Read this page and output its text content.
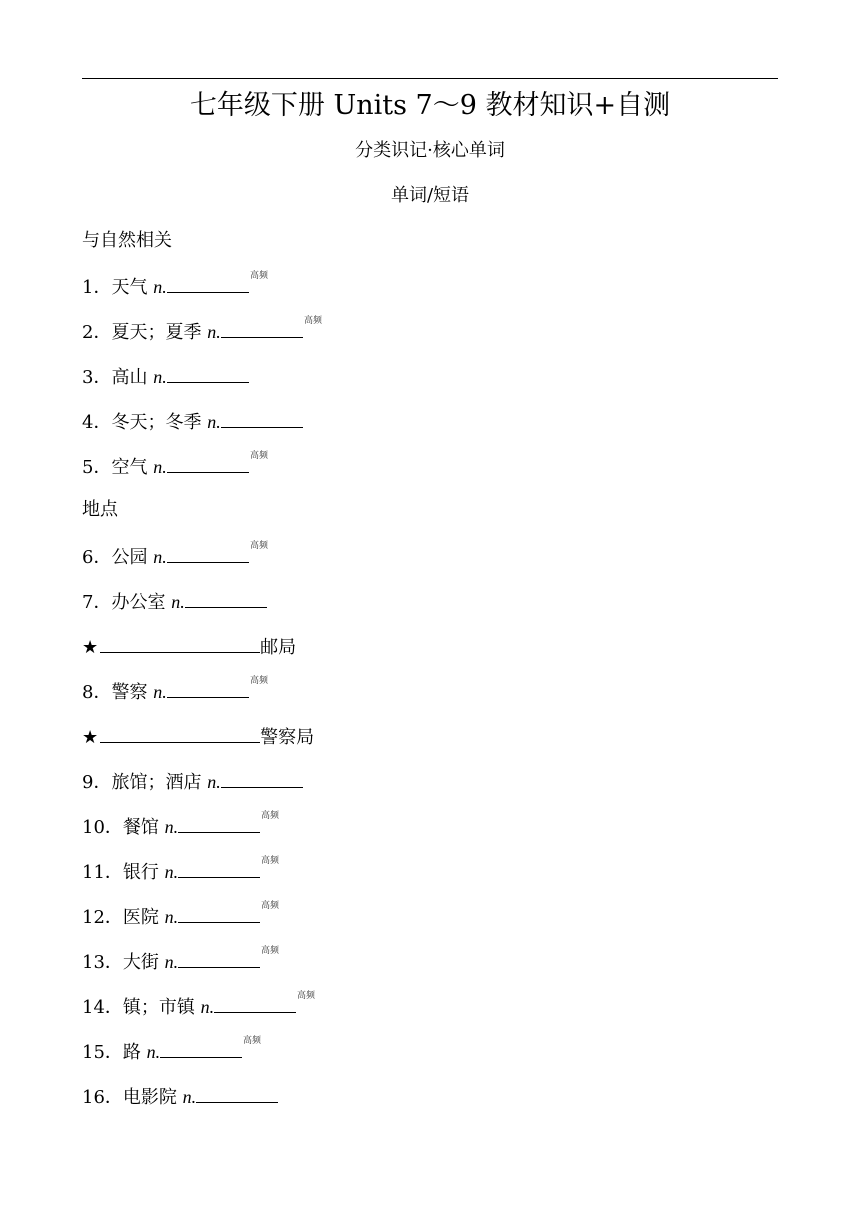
七年级下册 Units 7～9 教材知识+自测
分类识记·核心单词
单词/短语
与自然相关
1．天气 n.
高频
2．夏天；夏季 n.
高频
3．高山 n.
4．冬天；冬季 n.
5．空气 n.
高频
地点
6．公园 n.
高频
7．办公室 n.
★	邮局
8．警察 n.
高频
★	警察局
9．旅馆；酒店 n.
10．餐馆 n.
高频
11．银行 n.
高频
12．医院 n.
高频
13．大街 n.
高频
14．镇；市镇 n.
高频
15．路 n.
高频
16．电影院 n.
